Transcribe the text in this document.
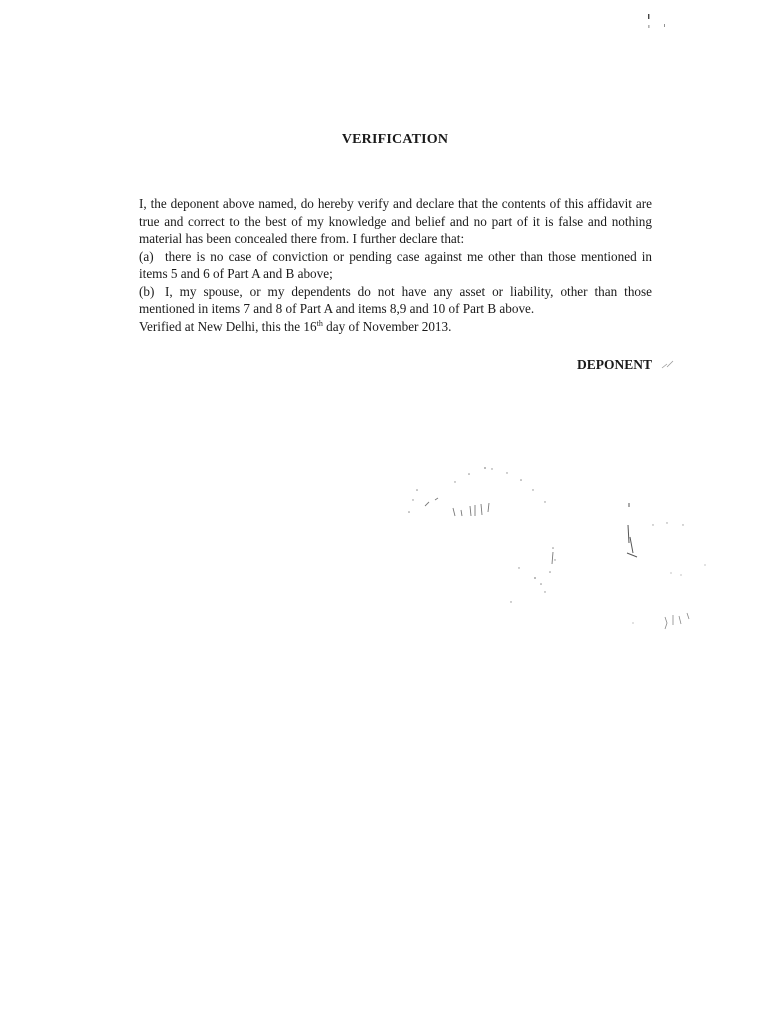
VERIFICATION

I, the deponent above named, do hereby verify and declare that the contents of this affidavit are true and correct to the best of my knowledge and belief and no part of it is false and nothing material has been concealed there from. I further declare that:

(a) there is no case of conviction or pending case against me other than those mentioned in items 5 and 6 of Part A and B above;

(b) I, my spouse, or my dependents do not have any asset or liability, other than those mentioned in items 7 and 8 of Part A and items 8,9 and 10 of Part B above.

Verified at New Delhi, this the 16th day of November 2013.

DEPONENT
